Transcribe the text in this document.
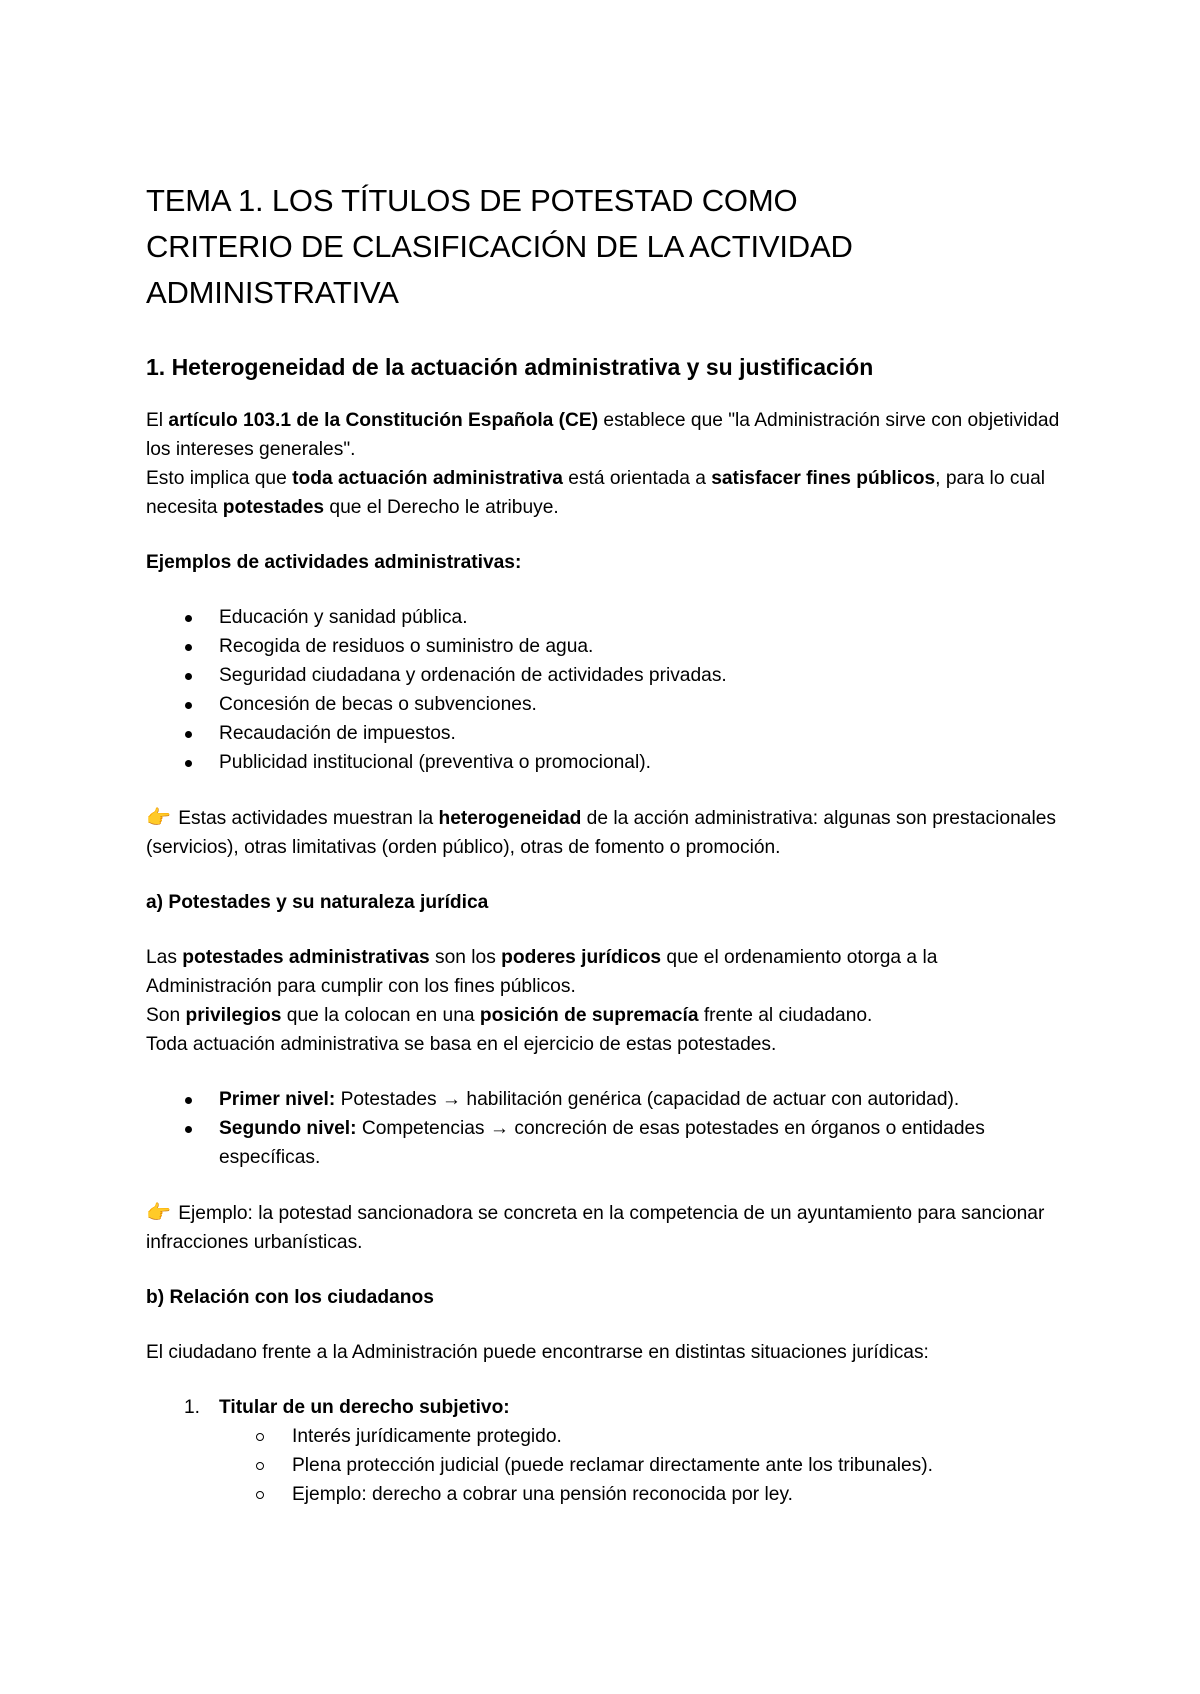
TEMA 1. LOS TÍTULOS DE POTESTAD COMO
CRITERIO DE CLASIFICACIÓN DE LA ACTIVIDAD
ADMINISTRATIVA
1. Heterogeneidad de la actuación administrativa y su justificación

El artículo 103.1 de la Constitución Española (CE) establece que "la Administración sirve con objetividad los intereses generales".

Esto implica que toda actuación administrativa está orientada a satisfacer fines públicos, para lo cual necesita potestades que el Derecho le atribuye.

Ejemplos de actividades administrativas:

Educación y sanidad pública.
Recogida de residuos o suministro de agua.
Seguridad ciudadana y ordenación de actividades privadas.
Concesión de becas o subvenciones.
Recaudación de impuestos.
Publicidad institucional (preventiva o promocional).

👉 Estas actividades muestran la heterogeneidad de la acción administrativa: algunas son prestacionales (servicios), otras limitativas (orden público), otras de fomento o promoción.

a) Potestades y su naturaleza jurídica

Las potestades administrativas son los poderes jurídicos que el ordenamiento otorga a la Administración para cumplir con los fines públicos.

Son privilegios que la colocan en una posición de supremacía frente al ciudadano.

Toda actuación administrativa se basa en el ejercicio de estas potestades.

Primer nivel: Potestades → habilitación genérica (capacidad de actuar con autoridad).
Segundo nivel: Competencias → concreción de esas potestades en órganos o entidades específicas.

👉 Ejemplo: la potestad sancionadora se concreta en la competencia de un ayuntamiento para sancionar infracciones urbanísticas.

b) Relación con los ciudadanos

El ciudadano frente a la Administración puede encontrarse en distintas situaciones jurídicas:

1. Titular de un derecho subjetivo:
Interés jurídicamente protegido.
Plena protección judicial (puede reclamar directamente ante los tribunales).
Ejemplo: derecho a cobrar una pensión reconocida por ley.
